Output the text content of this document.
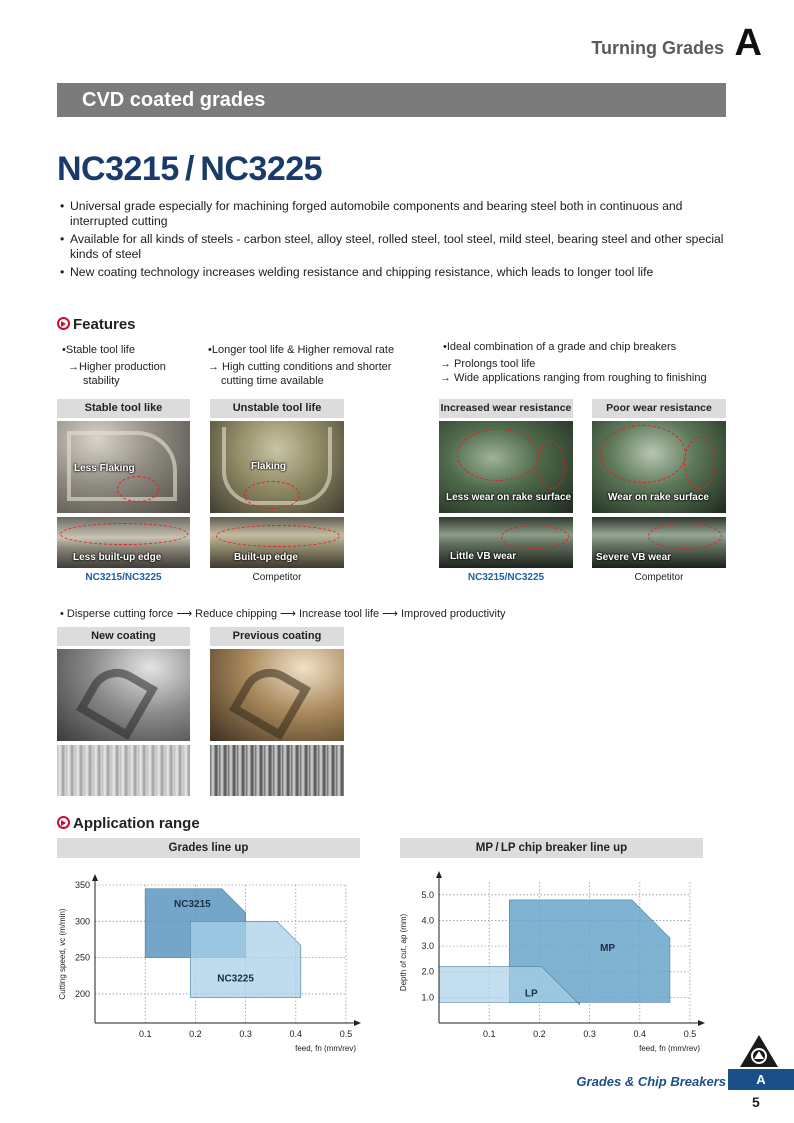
Turning Grades A
CVD coated grades
NC3215 / NC3225
• Universal grade especially for machining forged automobile components and bearing steel both in continuous and interrupted cutting
• Available for all kinds of steels - carbon steel, alloy steel, rolled steel, tool steel, mild steel, bearing steel and other special kinds of steel
• New coating technology increases welding resistance and chipping resistance, which leads to longer tool life
Features
• Stable tool life
→Higher production
stability
• Longer tool life & Higher removal rate
→ High cutting conditions and shorter
cutting time available
• Ideal combination of a grade and chip breakers
→ Prolongs tool life
→ Wide applications ranging from roughing to finishing
Stable tool like
Less Flaking
Less built-up edge
NC3215/NC3225
Unstable tool life
Flaking
Built-up edge
Competitor
Increased wear resistance
Less wear on rake surface
Little VB wear
NC3215/NC3225
Poor wear resistance
Wear on rake surface
Severe VB wear
Competitor
• Disperse cutting force ⟶ Reduce chipping ⟶ Increase tool life ⟶ Improved productivity
New coating	Previous coating
Application range
Grades line up	MP / LP chip breaker line up
NC3215
NC3225
0.1	0.2	0.3	0.4	0.5
350
300
250
200
feed, fn (mm/rev)
Cutting speed, vc (m/min)	MP
LP
0.1	0.2	0.3	0.4	0.5
5.0
4.0
3.0
2.0
1.0
feed, fn (mm/rev)
Depth of cut, ap (mm)
Grades & Chip Breakers	A
5
